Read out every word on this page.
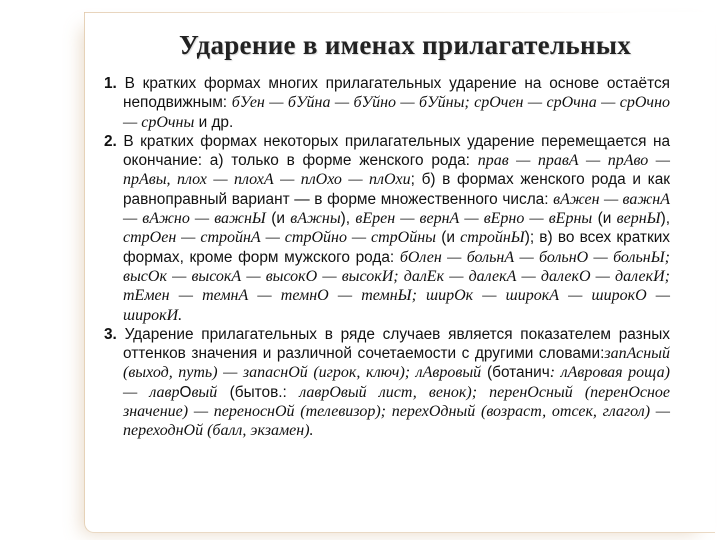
Ударение в именах прилагательных

1. В кратких формах многих прилагательных ударение на основе остаётся неподвижным: бУен — бУйна — бУйно — бУйны; срОчен — срОчна — срОчно — срОчны и др.

2. В кратких формах некоторых прилагательных ударение перемещается на окончание: а) только в форме женского рода: прав — правА — прАво — прАвы, плох — плохА — плОхо — плОхи; б) в формах женского рода и как равноправный вариант — в форме множественного числа: вАжен — важнА — вАжно — важнЫ (и вАжны), вЕрен — вернА — вЕрно — вЕрны (и вернЫ), стрОен — стройнА — стрОйно — стрОйны (и стройнЫ); в) во всех кратких формах, кроме форм мужского рода: бОлен — больнА — больнО — больнЫ; высОк — высокА — высокО — высокИ; далЕк — далекА — далекО — далекИ; тЕмен — темнА — темнО — темнЫ; ширОк — широкА — широкО — широкИ.

3. Ударение прилагательных в ряде случаев является показателем разных оттенков значения и различной сочетаемости с другими словами:запАсный (выход, путь) — запаснОй (игрок, ключ); лАвровый (ботанич: лАвровая роща) — лаврОвый (бытов.: лаврОвый лист, венок); перенОсный (перенОсное значение) — переноснОй (телевизор); перехОдный (возраст, отсек, глагол) — переходнОй (балл, экзамен).
